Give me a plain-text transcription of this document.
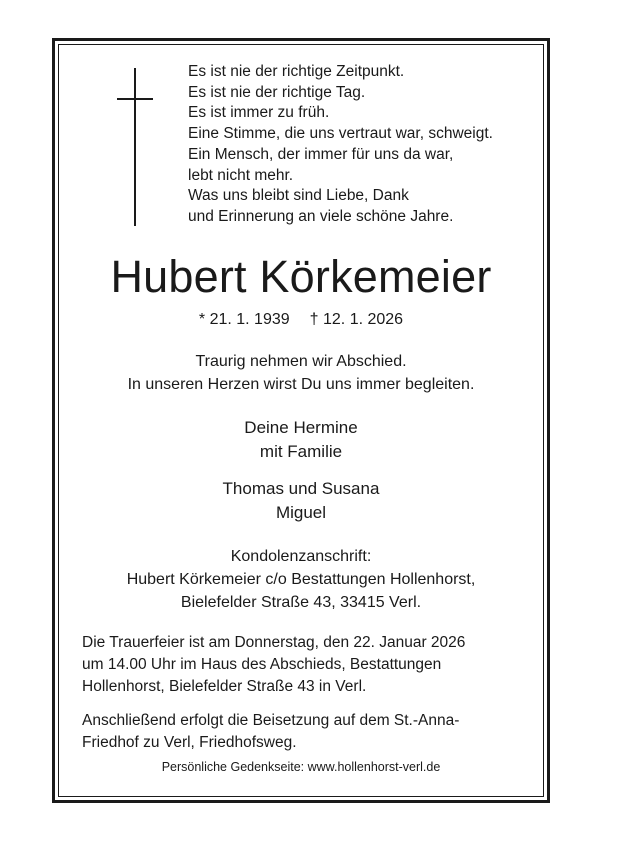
Es ist nie der richtige Zeitpunkt.
Es ist nie der richtige Tag.
Es ist immer zu früh.
Eine Stimme, die uns vertraut war, schweigt.
Ein Mensch, der immer für uns da war,
lebt nicht mehr.
Was uns bleibt sind Liebe, Dank
und Erinnerung an viele schöne Jahre.
Hubert Körkemeier
* 21. 1. 1939 † 12. 1. 2026
Traurig nehmen wir Abschied.
In unseren Herzen wirst Du uns immer begleiten.
Deine Hermine
mit Familie
Thomas und Susana
Miguel
Kondolenzanschrift:
Hubert Körkemeier c/o Bestattungen Hollenhorst,
Bielefelder Straße 43, 33415 Verl.
Die Trauerfeier ist am Donnerstag, den 22. Januar 2026
um 14.00 Uhr im Haus des Abschieds, Bestattungen
Hollenhorst, Bielefelder Straße 43 in Verl.
Anschließend erfolgt die Beisetzung auf dem St.-Anna-
Friedhof zu Verl, Friedhofsweg.
Persönliche Gedenkseite: www.hollenhorst-verl.de
